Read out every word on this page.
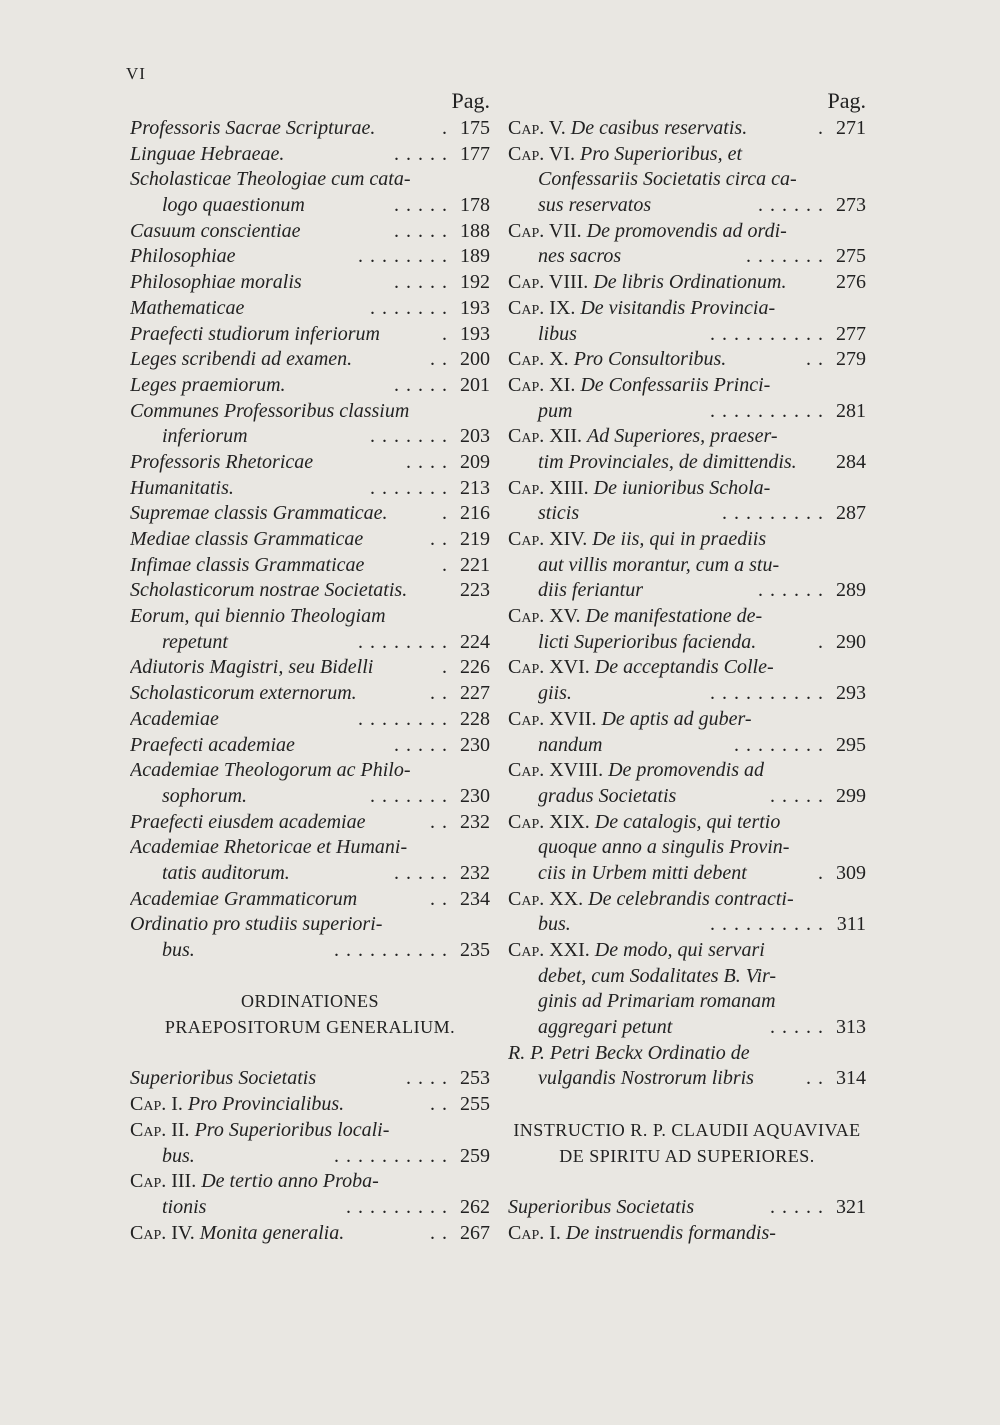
VI
Pag.
Professoris Sacrae Scripturae.	. 175
Linguae Hebraeae.	..... 177
Scholasticae Theologiae cum cata-
logo quaestionum	..... 178
Casuum conscientiae	..... 188
Philosophiae	........ 189
Philosophiae moralis	..... 192
Mathematicae	....... 193
Praefecti studiorum inferiorum	. 193
Leges scribendi ad examen.	.. 200
Leges praemiorum.	..... 201
Communes Professoribus classium
inferiorum	....... 203
Professoris Rhetoricae	.... 209
Humanitatis.	....... 213
Supremae classis Grammaticae.	. 216
Mediae classis Grammaticae	.. 219
Infimae classis Grammaticae	. 221
Scholasticorum nostrae Societatis.	223
Eorum, qui biennio Theologiam
repetunt	........ 224
Adiutoris Magistri, seu Bidelli	. 226
Scholasticorum externorum.	.. 227
Academiae	........ 228
Praefecti academiae	..... 230
Academiae Theologorum ac Philo-
sophorum.	....... 230
Praefecti eiusdem academiae	.. 232
Academiae Rhetoricae et Humani-
tatis auditorum.	..... 232
Academiae Grammaticorum	.. 234
Ordinatio pro studiis superiori-
bus.	.......... 235
ORDINATIONES
PRAEPOSITORUM GENERALIUM.
Superioribus Societatis	.... 253
Cap. I. Pro Provincialibus.	.. 255
Cap. II. Pro Superioribus locali-
bus.	.......... 259
Cap. III. De tertio anno Proba-
tionis	......... 262
Cap. IV. Monita generalia.	.. 267
Pag.
Cap. V. De casibus reservatis.	. 271
Cap. VI. Pro Superioribus, et
Confessariis Societatis circa ca-
sus reservatos	...... 273
Cap. VII. De promovendis ad ordi-
nes sacros	....... 275
Cap. VIII. De libris Ordinationum. 276
Cap. IX. De visitandis Provincia-
libus	.......... 277
Cap. X. Pro Consultoribus.	.. 279
Cap. XI. De Confessariis Princi-
pum	.......... 281
Cap. XII. Ad Superiores, praeser-
tim Provinciales, de dimittendis. 284
Cap. XIII. De iunioribus Schola-
sticis	......... 287
Cap. XIV. De iis, qui in praediis
aut villis morantur, cum a stu-
diis feriantur	...... 289
Cap. XV. De manifestatione de-
licti Superioribus facienda.	. 290
Cap. XVI. De acceptandis Colle-
giis.	.......... 293
Cap. XVII. De aptis ad guber-
nandum	........ 295
Cap. XVIII. De promovendis ad
gradus Societatis	..... 299
Cap. XIX. De catalogis, qui tertio
quoque anno a singulis Provin-
ciis in Urbem mitti debent	. 309
Cap. XX. De celebrandis contracti-
bus.	.......... 311
Cap. XXI. De modo, qui servari
debet, cum Sodalitates B. Vir-
ginis ad Primariam romanam
aggregari petunt	..... 313
R. P. Petri Beckx Ordinatio de
vulgandis Nostrorum libris	.. 314
INSTRUCTIO R. P. CLAUDII AQUAVIVAE
DE SPIRITU AD SUPERIORES.
Superioribus Societatis	..... 321
Cap. I. De instruendis formandis-
